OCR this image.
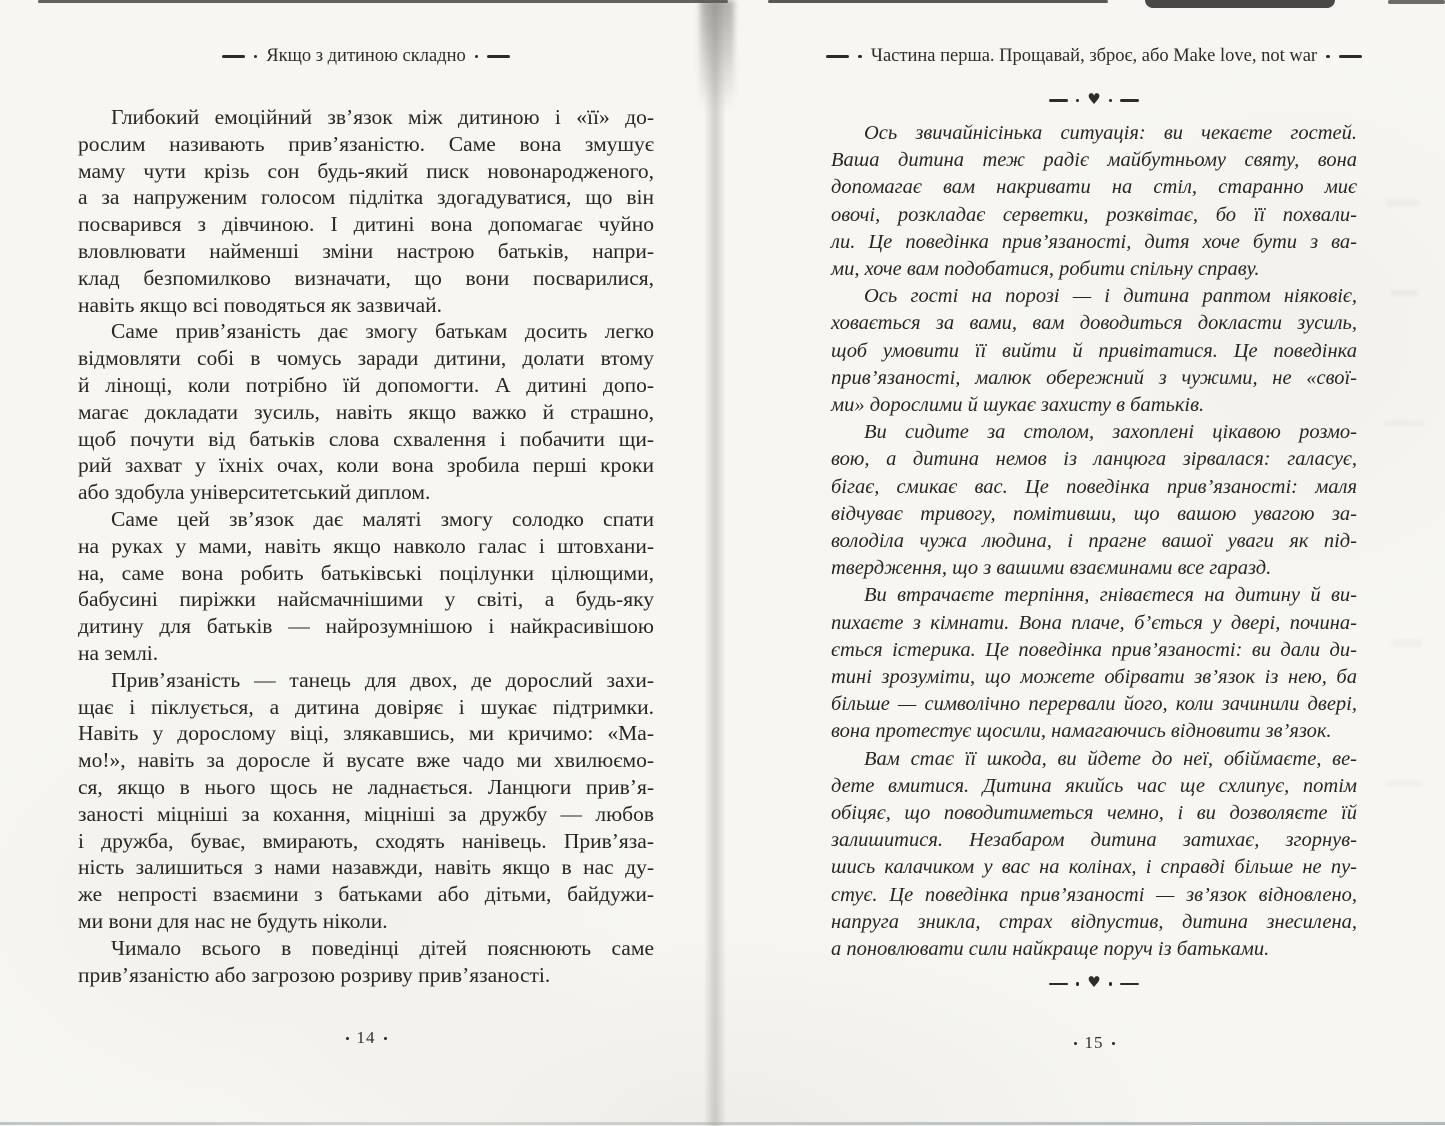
Якщо з дитиною складно

Глибокий емоційний зв’язок між дитиною і «її» до-
рослим називають прив’язаністю. Саме вона змушує
маму чути крізь сон будь-який писк новонародженого,
а за напруженим голосом підлітка здогадуватися, що він
посварився з дівчиною. І дитині вона допомагає чуйно
вловлювати найменші зміни настрою батьків, напри-
клад безпомилково визначати, що вони посварилися,
навіть якщо всі поводяться як зазвичай.

Саме прив’язаність дає змогу батькам досить легко
відмовляти собі в чомусь заради дитини, долати втому
й лінощі, коли потрібно їй допомогти. А дитині допо-
магає докладати зусиль, навіть якщо важко й страшно,
щоб почути від батьків слова схвалення і побачити щи-
рий захват у їхніх очах, коли вона зробила перші кроки
або здобула університетський диплом.

Саме цей зв’язок дає маляті змогу солодко спати
на руках у мами, навіть якщо навколо галас і штовхани-
на, саме вона робить батьківські поцілунки цілющими,
бабусині пиріжки найсмачнішими у світі, а будь-яку
дитину для батьків — найрозумнішою і найкрасивішою
на землі.

Прив’язаність — танець для двох, де дорослий захи-
щає і піклується, а дитина довіряє і шукає підтримки.
Навіть у дорослому віці, злякавшись, ми кричимо: «Ма-
мо!», навіть за доросле й вусате вже чадо ми хвилюємо-
ся, якщо в нього щось не ладнається. Ланцюги прив’я-
заності міцніші за кохання, міцніші за дружбу — любов
і дружба, буває, вмирають, сходять нанівець. Прив’яза-
ність залишиться з нами назавжди, навіть якщо в нас ду-
же непрості взаємини з батьками або дітьми, байдужи-
ми вони для нас не будуть ніколи.

Чимало всього в поведінці дітей пояснюють саме
прив’язаністю або загрозою розриву прив’язаності.

14
Частина перша. Прощавай, зброє, або Make love, not war
♥

Ось звичайнісінька ситуація: ви чекаєте гостей.
Ваша дитина теж радіє майбутньому святу, вона
допомагає вам накривати на стіл, старанно миє
овочі, розкладає серветки, розквітає, бо її похвали-
ли. Це поведінка прив’язаності, дитя хоче бути з ва-
ми, хоче вам подобатися, робити спільну справу.

Ось гості на порозі — і дитина раптом ніяковіє,
ховається за вами, вам доводиться докласти зусиль,
щоб умовити її вийти й привітатися. Це поведінка
прив’язаності, малюк обережний з чужими, не «свої-
ми» дорослими й шукає захисту в батьків.

Ви сидите за столом, захоплені цікавою розмо-
вою, а дитина немов із ланцюга зірвалася: галасує,
бігає, смикає вас. Це поведінка прив’язаності: маля
відчуває тривогу, помітивши, що вашою увагою за-
володіла чужа людина, і прагне вашої уваги як під-
твердження, що з вашими взаєминами все гаразд.

Ви втрачаєте терпіння, гніваєтеся на дитину й ви-
пихаєте з кімнати. Вона плаче, б’ється у двері, почина-
ється істерика. Це поведінка прив’язаності: ви дали ди-
тині зрозуміти, що можете обірвати зв’язок із нею, ба
більше — символічно перервали його, коли зачинили двері,
вона протестує щосили, намагаючись відновити зв’язок.

Вам стає її шкода, ви йдете до неї, обіймаєте, ве-
дете вмитися. Дитина якийсь час ще схлипує, потім
обіцяє, що поводитиметься чемно, і ви дозволяєте їй
залишитися. Незабаром дитина затихає, згорнув-
шись калачиком у вас на колінах, і справді більше не пу-
стує. Це поведінка прив’язаності — зв’язок відновлено,
напруга зникла, страх відпустив, дитина знесилена,
а поновлювати сили найкраще поруч із батьками.

♥
15
